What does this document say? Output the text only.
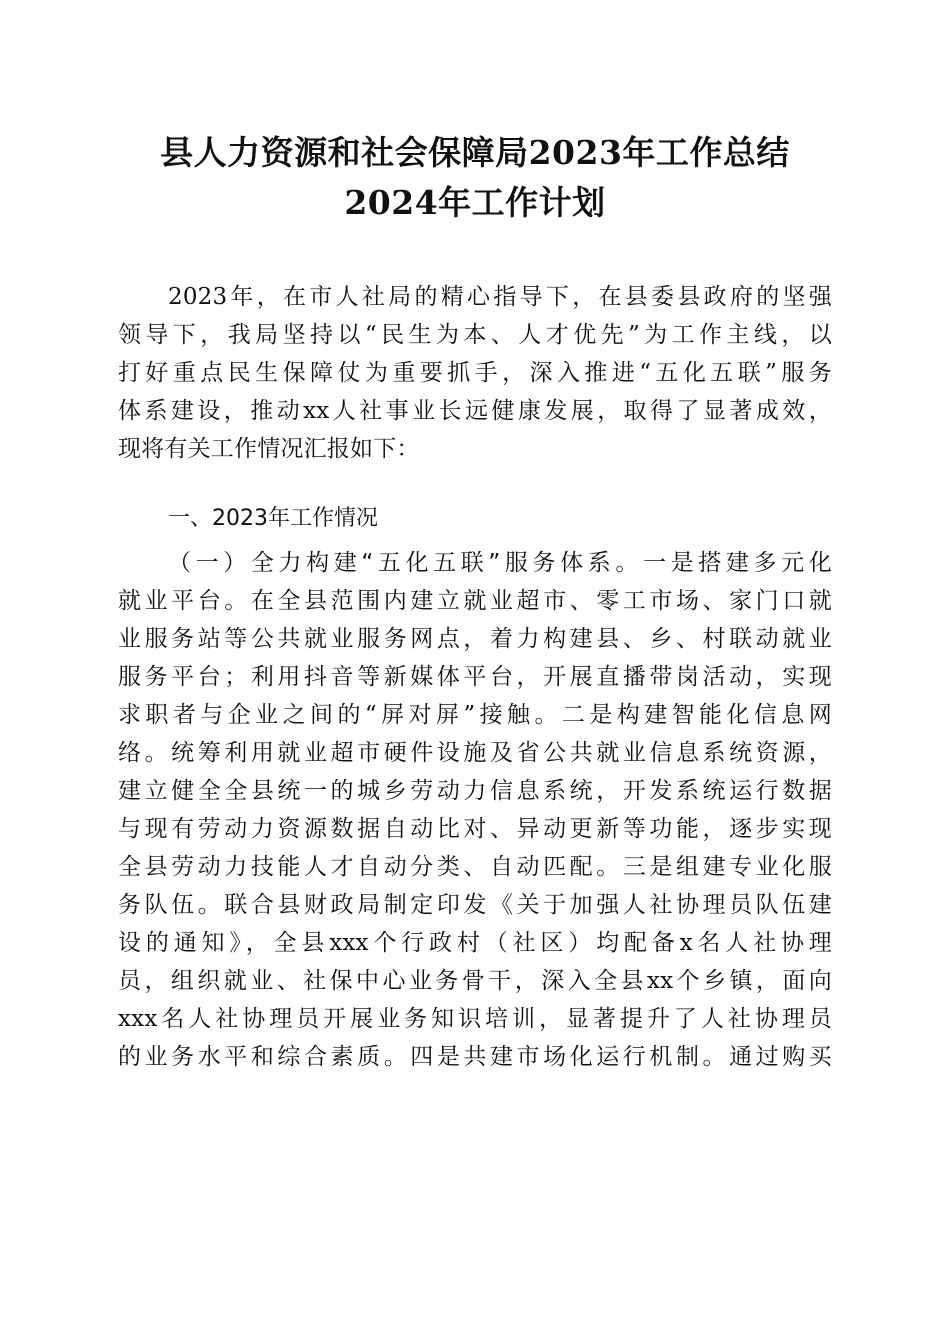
县人力资源和社会保障局2023年工作总结
2024年工作计划
2023年，在市人社局的精心指导下，在县委县政府的坚强
领导下，我局坚持以“民生为本、人才优先”为工作主线，以
打好重点民生保障仗为重要抓手，深入推进“五化五联”服务
体系建设，推动xx人社事业长远健康发展，取得了显著成效，
现将有关工作情况汇报如下：
一、2023年工作情况
（一）全力构建“五化五联”服务体系。一是搭建多元化
就业平台。在全县范围内建立就业超市、零工市场、家门口就
业服务站等公共就业服务网点，着力构建县、乡、村联动就业
服务平台；利用抖音等新媒体平台，开展直播带岗活动，实现
求职者与企业之间的“屏对屏”接触。二是构建智能化信息网
络。统筹利用就业超市硬件设施及省公共就业信息系统资源，
建立健全全县统一的城乡劳动力信息系统，开发系统运行数据
与现有劳动力资源数据自动比对、异动更新等功能，逐步实现
全县劳动力技能人才自动分类、自动匹配。三是组建专业化服
务队伍。联合县财政局制定印发《关于加强人社协理员队伍建
设的通知》，全县xxx个行政村（社区）均配备x名人社协理
员，组织就业、社保中心业务骨干，深入全县xx个乡镇，面向
xxx名人社协理员开展业务知识培训，显著提升了人社协理员
的业务水平和综合素质。四是共建市场化运行机制。通过购买
